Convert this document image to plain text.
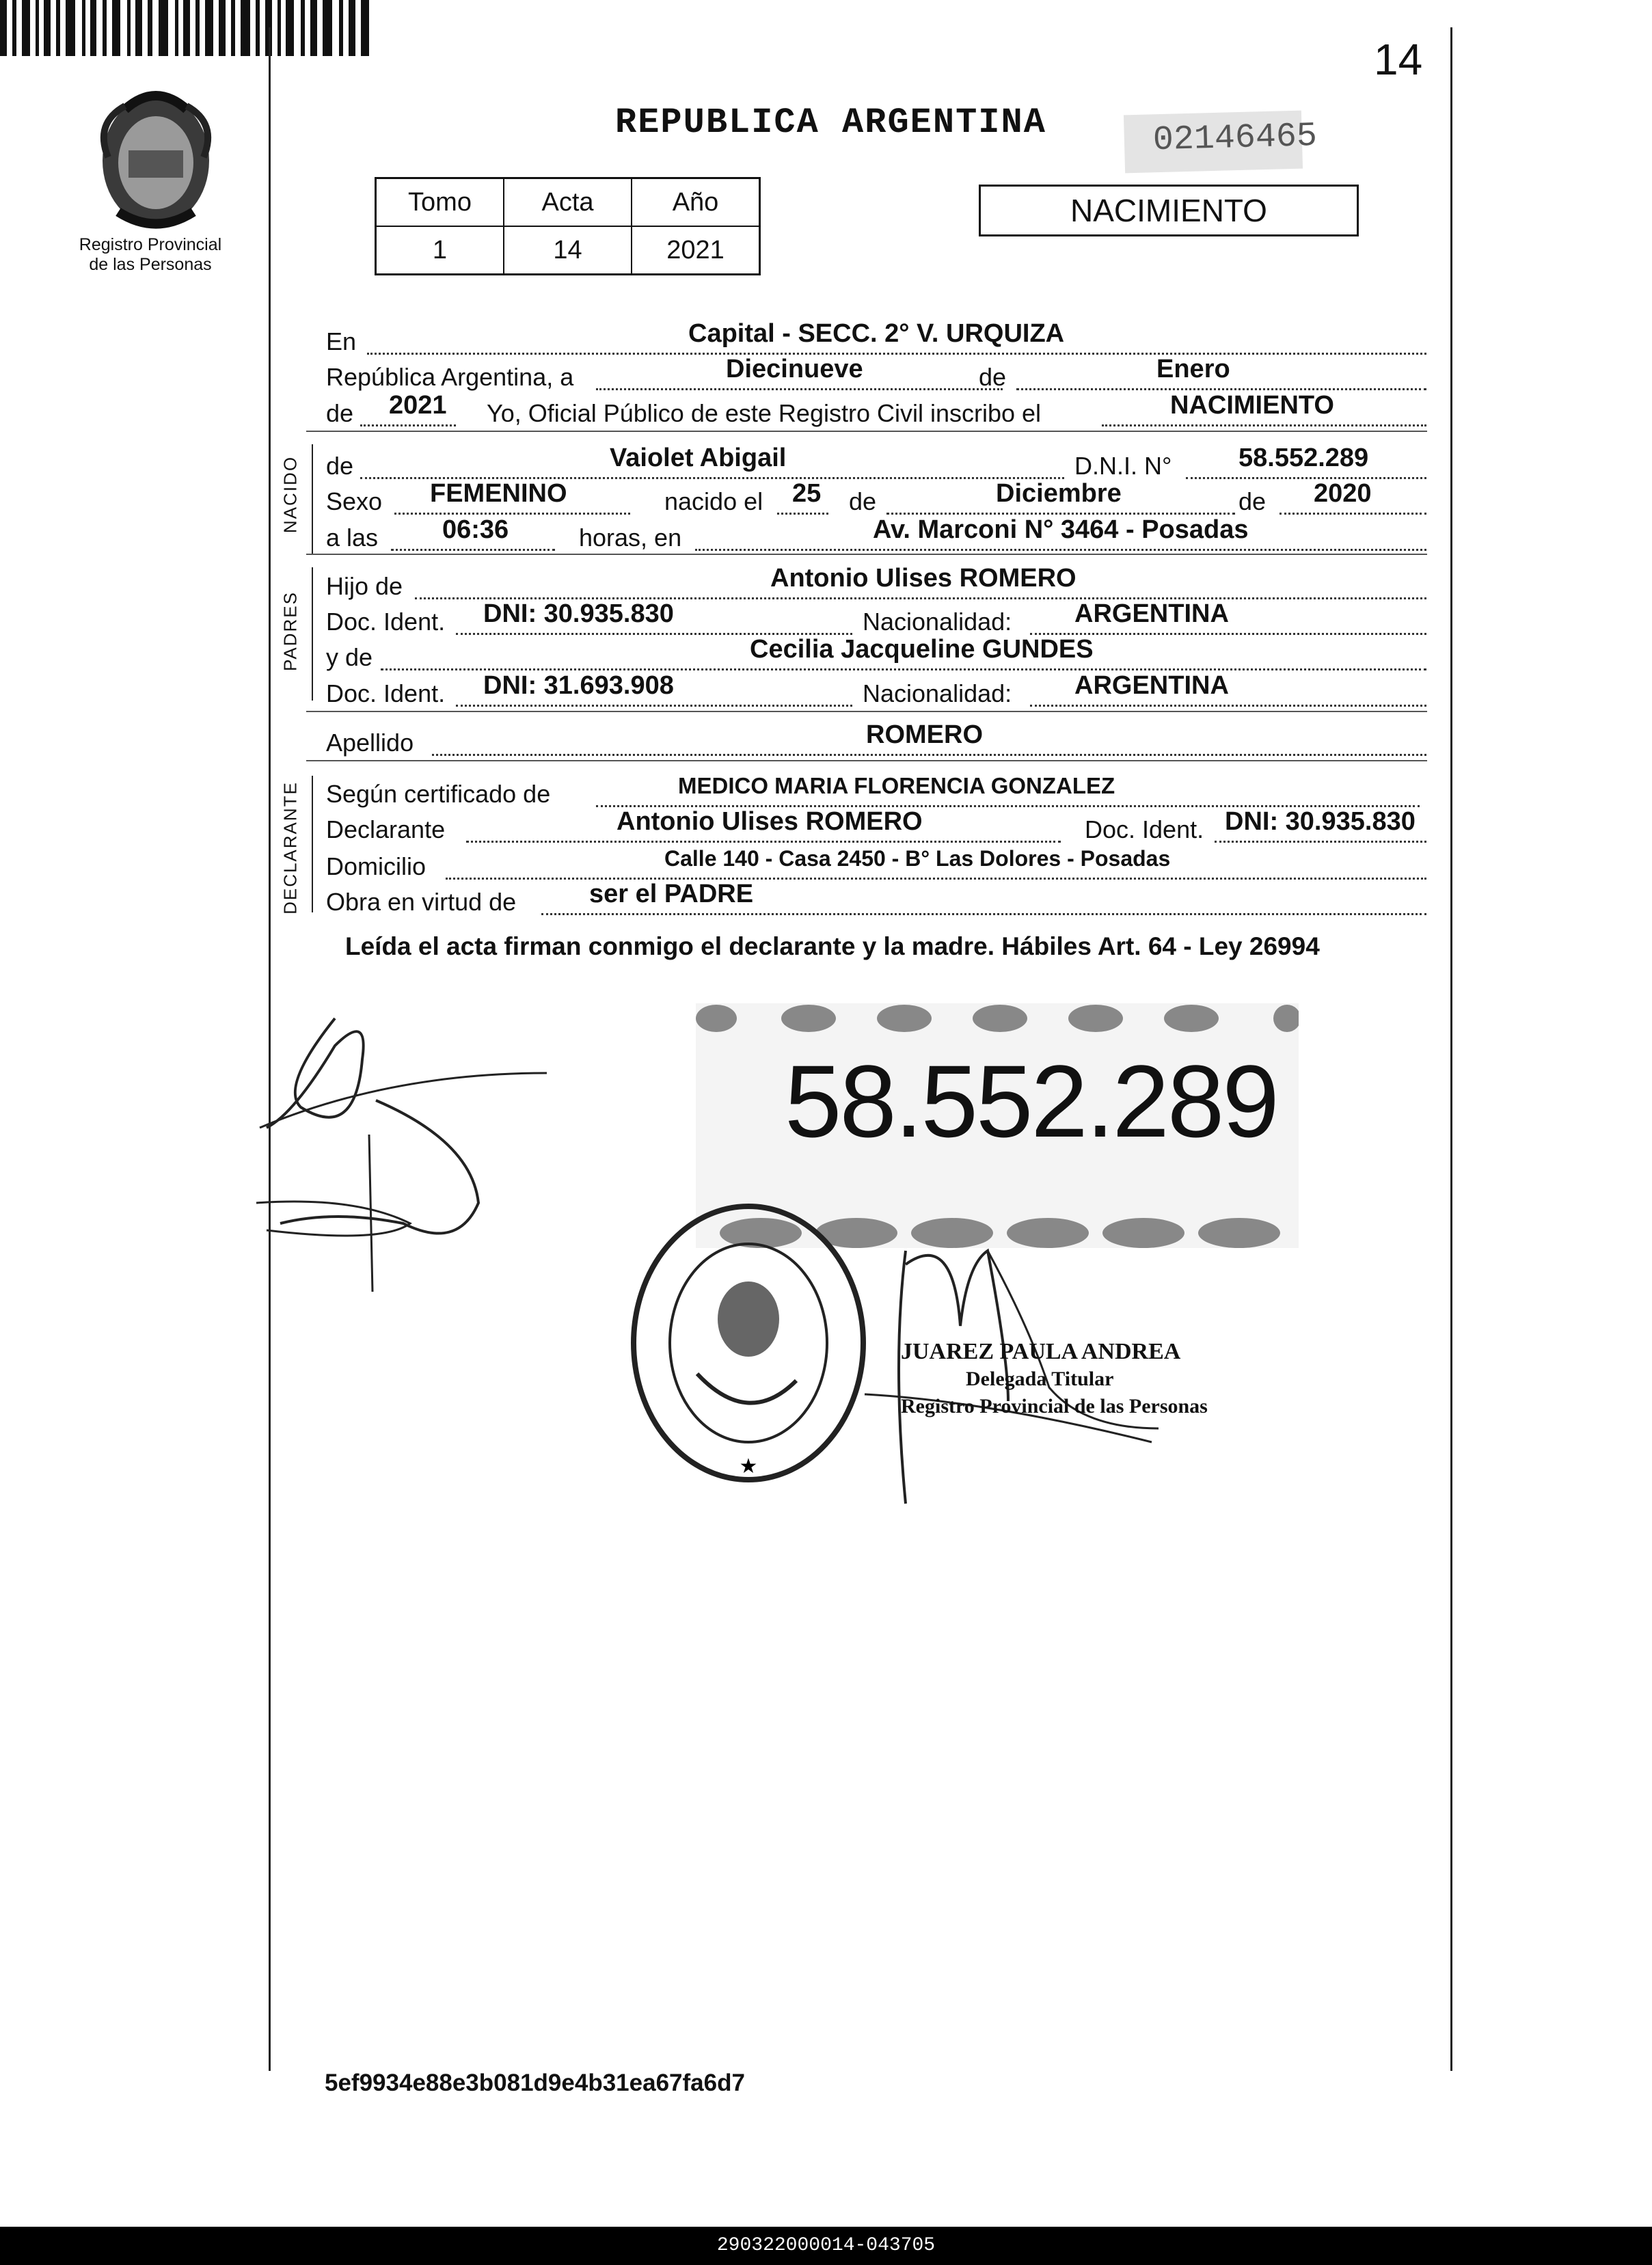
14
Registro Provincial
de las Personas
REPUBLICA ARGENTINA	02146465
Tomo	Acta	Año
1	14	2021
NACIMIENTO
En	Capital - SECC. 2° V. URQUIZA
República Argentina, a	Diecinueve	de	Enero
de 2021 Yo, Oficial Público de este Registro Civil inscribo el	NACIMIENTO
NACIDO de	Vaiolet Abigail	D.N.I. N°	58.552.289
Sexo FEMENINO	nacido el 25 de	Diciembre	de 2020
a las 06:36	horas, en	Av. Marconi N° 3464 - Posadas
PADRES
Hijo de	Antonio Ulises ROMERO
Doc. Ident. DNI: 30.935.830	Nacionalidad: ARGENTINA
y de	Cecilia Jacqueline GUNDES
Doc. Ident. DNI: 31.693.908	Nacionalidad: ARGENTINA
Apellido	ROMERO
DECLARANTE Según certificado de	MEDICO MARIA FLORENCIA GONZALEZ
Declarante	Antonio Ulises ROMERO	Doc. Ident. DNI: 30.935.830
Domicilio	Calle 140 - Casa 2450 - B° Las Dolores - Posadas
Obra en virtud de	ser el PADRE
Leída el acta firman conmigo el declarante y la madre. Hábiles Art. 64 - Ley 26994
58.552.289
★
JUAREZ PAULA ANDREA
Delegada Titular
Registro Provincial de las Personas
5ef9934e88e3b081d9e4b31ea67fa6d7
290322000014-043705
